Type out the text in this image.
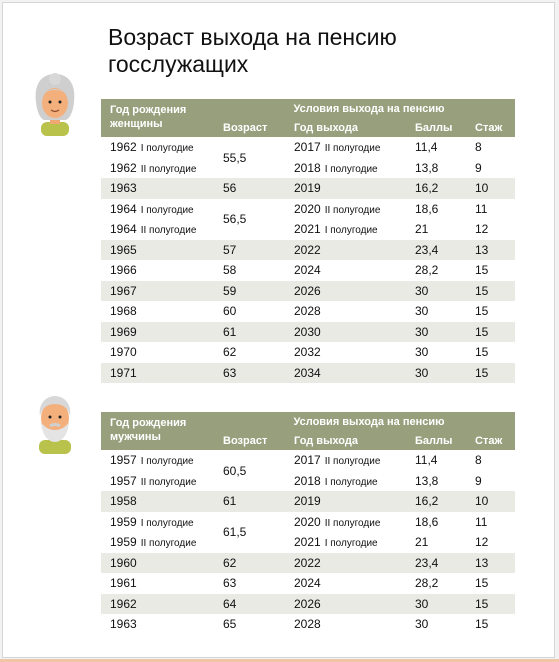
Возраст выхода на пенсию
госслужащих
Год рождения
женщины	Условия выхода на пенсию			
	Возраст	Год выхода	Баллы	Стаж
1962 I полугодие	55,5	2017 II полугодие	11,4	8
1962 II полугодие		2018 I полугодие	13,8	9
1963	56	2019	16,2	10
1964 I полугодие	56,5	2020 II полугодие	18,6	11
1964 II полугодие		2021 I полугодие	21	12
1965	57	2022	23,4	13
1966	58	2024	28,2	15
1967	59	2026	30	15
1968	60	2028	30	15
1969	61	2030	30	15
1970	62	2032	30	15
1971	63	2034	30	15
Год рождения
мужчины	Условия выхода на пенсию			
	Возраст	Год выхода	Баллы	Стаж
1957 I полугодие	60,5	2017 II полугодие	11,4	8
1957 II полугодие		2018 I полугодие	13,8	9
1958	61	2019	16,2	10
1959 I полугодие	61,5	2020 II полугодие	18,6	11
1959 II полугодие		2021 I полугодие	21	12
1960	62	2022	23,4	13
1961	63	2024	28,2	15
1962	64	2026	30	15
1963	65	2028	30	15
